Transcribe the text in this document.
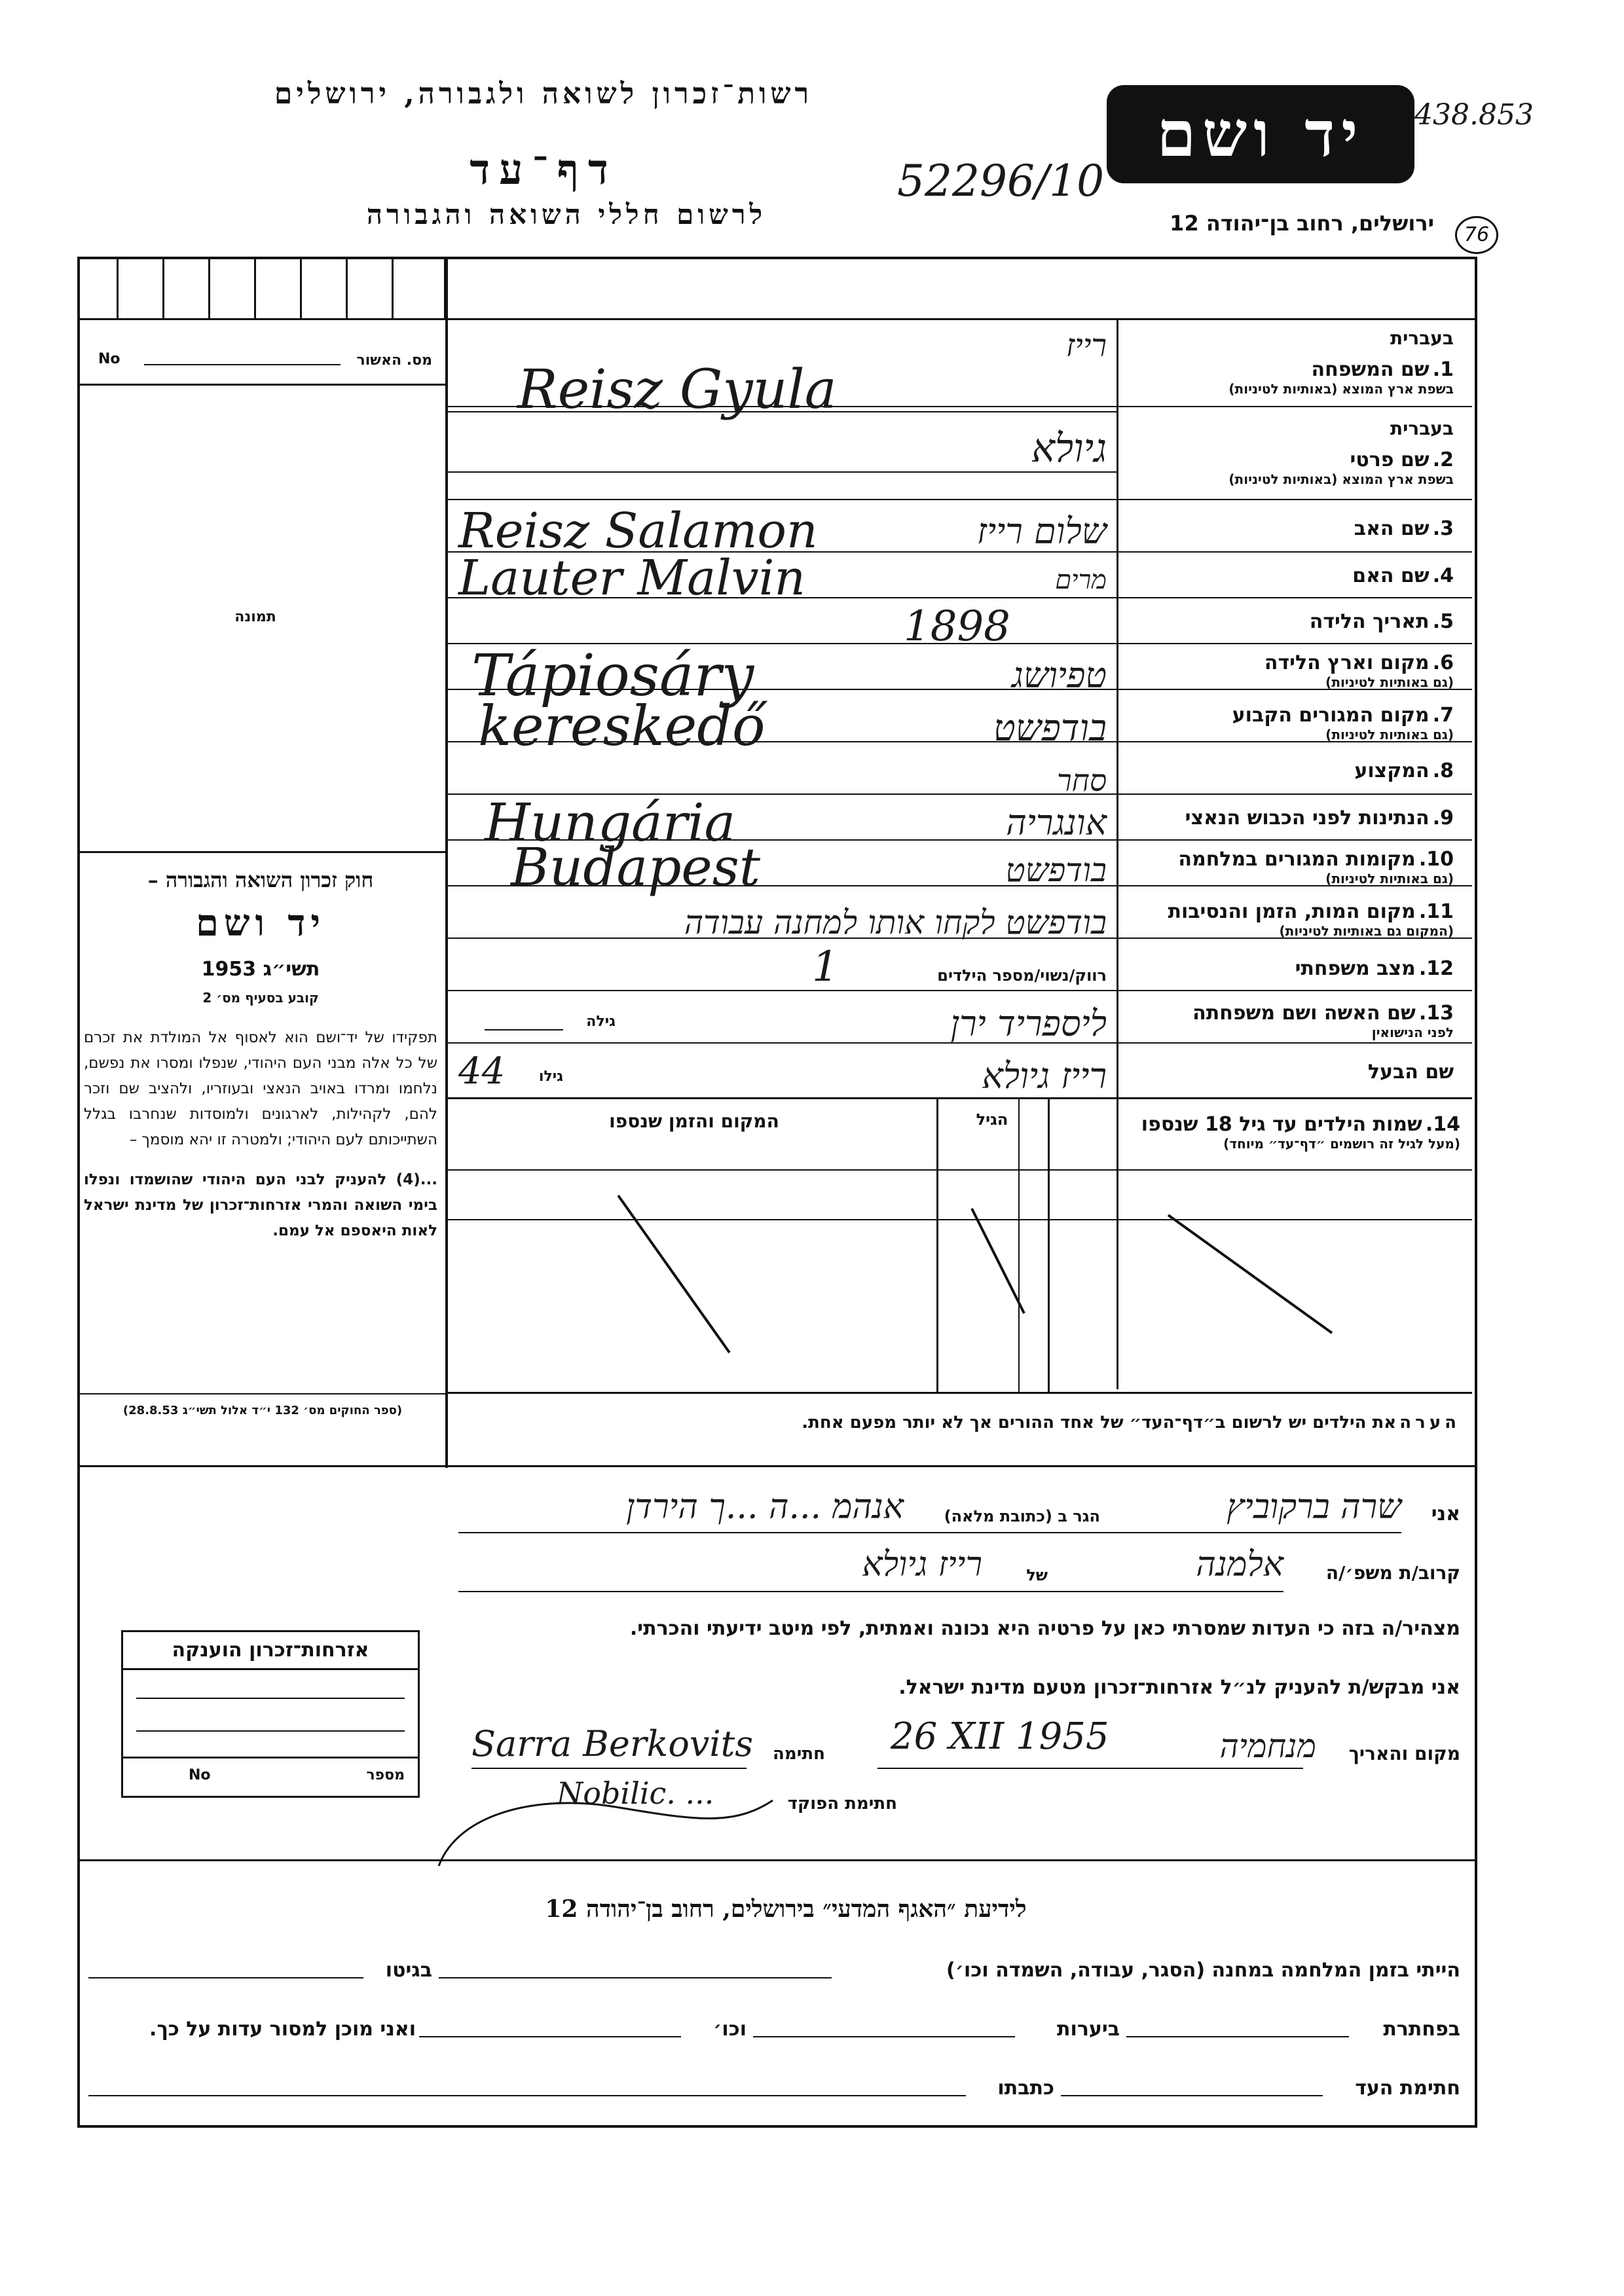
רשות־זכרון לשואה ולגבורה, ירושלים
דף־עד
לרשום חללי השואה והגבורה
52296/10
יד ושם	438.853
ירושלים, רחוב בן־יהודה 12	76
מס. האשור
No
תמונה
חוק זכרון השואה והגבורה –
יד ושם
תשי״ג 1953
קובע בסעיף מס׳ 2
תפקידו של יד־ושם הוא לאסוף אל המולדת את זכרם של כל אלה מבני העם היהודי, שנפלו ומסרו את נפשם, נלחמו ומרדו באויב הנאצי ובעוזריו, ולהציב שם וזכר להם, לקהילות, לארגונים ולמוסדות שנחרבו בגלל השתייכותם לעם היהודי; ולמטרה זו יהא מוסמך –
...(4) להעניק לבני העם היהודי שהושמדו ונפלו בימי השואה והמרי אזרחות־זכרון של מדינת ישראל לאות היאספם אל עמם.
(ספר החוקים מס׳ 132 י״ד אלול תשי״ג 28.8.53)
בעברית
1. שם המשפחה
בשפת ארץ המוצא (באותיות לטיניות)
רייז
Reisz Gyula
בעברית
2. שם פרטי
בשפת ארץ המוצא (באותיות לטיניות)
גיולא
3. שם האב
Reisz Salamon	שלום רייז
4. שם האם
Lauter Malvin	מרים
5. תאריך הלידה
1898
6. מקום וארץ הלידה
(גם באותיות לטיניות)
Tápiosáry	טפיושג
7. מקום המגורים הקבוע
(גם באותיות לטיניות)
kereskedő	בודפשט
8. המקצוע
סחר
9. הנתינות לפני הכבוש הנאצי
Hungária	אונגריה
10. מקומות המגורים במלחמה
(גם באותיות לטיניות)
Budapest	בודפשט
11. מקום המות, הזמן והנסיבות
(המקום גם באותיות לטיניות)
בודפשט לקחו אותו למחנה עבודה
12. מצב משפחתי
רווק/נשוי/מספר הילדים
1
13. שם האשה ושם משפחתה
לפני הנישואין
גילה	ליספריד ירן
שם הבעל
גילו
44	רייז גיולא
14. שמות הילדים עד גיל 18 שנספו
(מעל לגיל זה רושמים ״דף־עד״ מיוחד)
הגיל
המקום והזמן שנספו
הערה את הילדים יש לרשום ב״דף־העד״ של אחד ההורים אך לא יותר מפעם אחת.
אני
שרה ברקוביץ
הגר ב (כתובת מלאה)
אנהמ ...ה ...ך הירדן
קרוב/ת משפ׳/ה
אלמנה
של
רייז גיולא
מצהיר/ה בזה כי העדות שמסרתי כאן על פרטיה היא נכונה ואמתית, לפי מיטב ידיעתי והכרתי.
אני מבקש/ת להעניק לנ״ל אזרחות־זכרון מטעם מדינת ישראל.
מקום והאריך
מנחמיה
26 XII 1955
חתימה
Sarra Berkovits
חתימת הפוקד
Nobilic. ...
אזרחות־זכרון הוענקה
מספר
No
לידיעת ״האגף המדעי״ בירושלים, רחוב בן־יהודה 12
הייתי בזמן המלחמה במחנה (הסגר, עבודה, השמדה וכו׳)
בגיטו
בפחתרת
ביערות
וכו׳
ואני מוכן למסור עדות על כך.
חתימת העד
כתבתו
